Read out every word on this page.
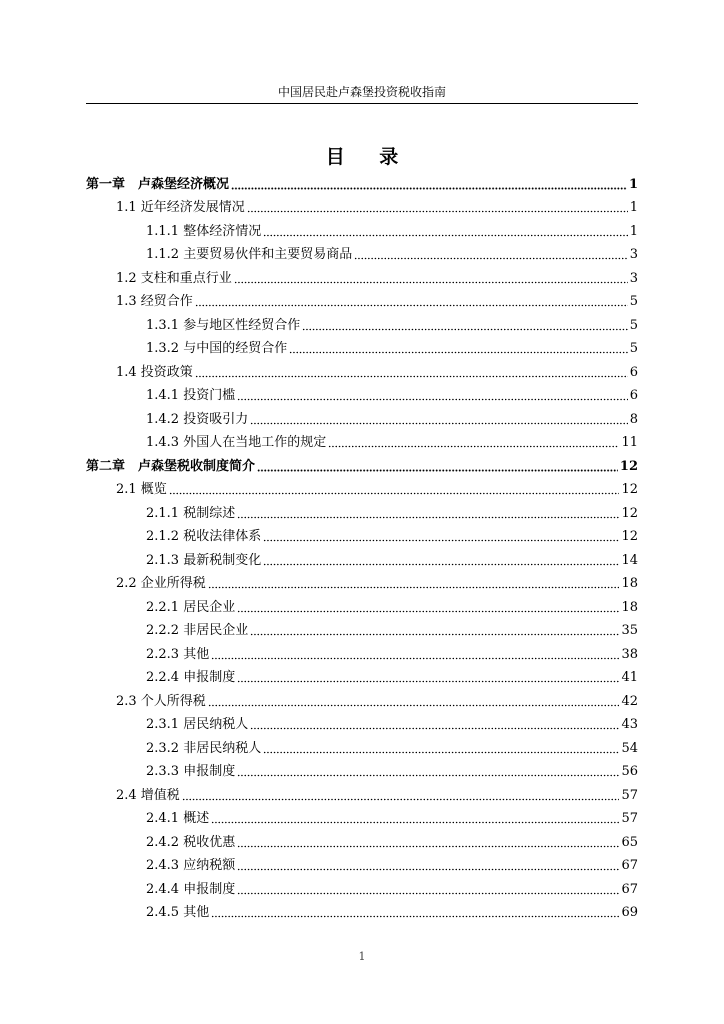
中国居民赴卢森堡投资税收指南
目 录
第一章　卢森堡经济概况	1
1.1 近年经济发展情况	1
1.1.1 整体经济情况	1
1.1.2 主要贸易伙伴和主要贸易商品	3
1.2 支柱和重点行业	3
1.3 经贸合作	5
1.3.1 参与地区性经贸合作	5
1.3.2 与中国的经贸合作	5
1.4 投资政策	6
1.4.1 投资门槛	6
1.4.2 投资吸引力	8
1.4.3 外国人在当地工作的规定	11
第二章　卢森堡税收制度简介	12
2.1 概览	12
2.1.1 税制综述	12
2.1.2 税收法律体系	12
2.1.3 最新税制变化	14
2.2 企业所得税	18
2.2.1 居民企业	18
2.2.2 非居民企业	35
2.2.3 其他	38
2.2.4 申报制度	41
2.3 个人所得税	42
2.3.1 居民纳税人	43
2.3.2 非居民纳税人	54
2.3.3 申报制度	56
2.4 增值税	57
2.4.1 概述	57
2.4.2 税收优惠	65
2.4.3 应纳税额	67
2.4.4 申报制度	67
2.4.5 其他	69
1
